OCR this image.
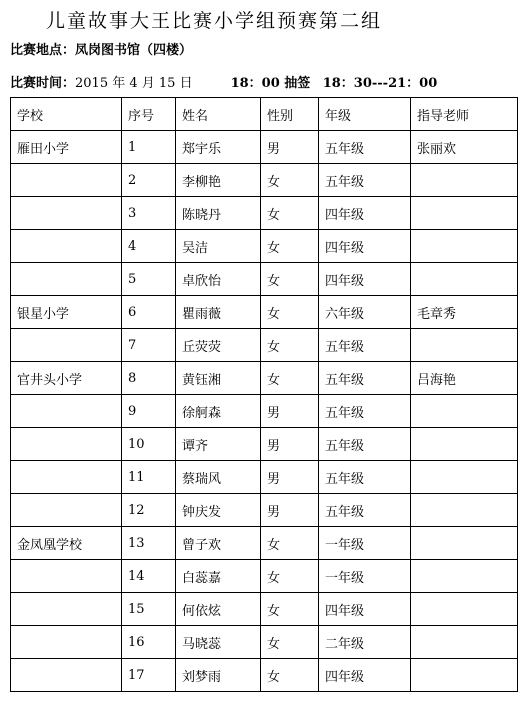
儿童故事大王比赛小学组预赛第二组
比赛地点：凤岗图书馆（四楼）
比赛时间：2015 年 4 月 15 日	18：00 抽签 18：30---21：00
学校	序号	姓名	性别	年级	指导老师
雁田小学	1	郑宇乐	男	五年级	张丽欢
	2	李柳艳	女	五年级	
	3	陈晓丹	女	四年级	
	4	吴洁	女	四年级	
	5	卓欣怡	女	四年级	
银星小学	6	瞿雨薇	女	六年级	毛章秀
	7	丘荧荧	女	五年级	
官井头小学	8	黄钰湘	女	五年级	吕海艳
	9	徐舸森	男	五年级	
	10	谭齐	男	五年级	
	11	蔡瑞风	男	五年级	
	12	钟庆发	男	五年级	
金凤凰学校	13	曾子欢	女	一年级	
	14	白蕊嘉	女	一年级	
	15	何依炫	女	四年级	
	16	马晓蕊	女	二年级	
	17	刘梦雨	女	四年级	
